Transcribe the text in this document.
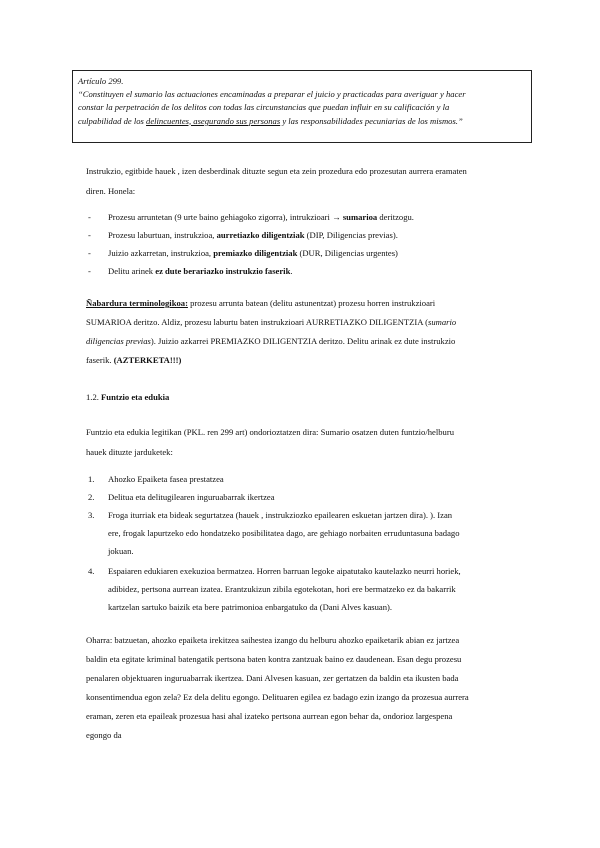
Artículo 299.

“Constituyen el sumario las actuaciones encaminadas a preparar el juicio y practicadas para averiguar y hacer

constar la perpetración de los delitos con todas las circunstancias que puedan influir en su calificación y la

culpabilidad de los delincuentes, asegurando sus personas y las responsabilidades pecuniarias de los mismos.”

Instrukzio, egitbide hauek , izen desberdinak dituzte segun eta zein prozedura edo prozesutan aurrera eramaten
diren. Honela:
- Prozesu arruntetan (9 urte baino gehiagoko zigorra), intrukzioari → sumarioa deritzogu.
- Prozesu laburtuan, instrukzioa, aurretiazko diligentziak (DIP, Diligencias previas).
- Juizio azkarretan, instrukzioa, premiazko diligentziak (DUR, Diligencias urgentes)
- Delitu arinek ez dute berariazko instrukzio faserik.
Ñabardura terminologikoa: prozesu arrunta batean (delitu astunentzat) prozesu horren instrukzioari
SUMARIOA deritzo. Aldiz, prozesu laburtu baten instrukzioari AURRETIAZKO DILIGENTZIA (sumario
diligencias previas). Juizio azkarrei PREMIAZKO DILIGENTZIA deritzo. Delitu arinak ez dute instrukzio
faserik. (AZTERKETA!!!)
1.2. Funtzio eta edukia
Funtzio eta edukia legitikan (PKL. ren 299 art) ondorioztatzen dira: Sumario osatzen duten funtzio/helburu
hauek dituzte jarduketek:
1. Ahozko Epaiketa fasea prestatzea
2. Delitua eta delitugilearen inguruabarrak ikertzea
3. Froga iturriak eta bideak segurtatzea (hauek , instrukziozko epailearen eskuetan jartzen dira). ). Izan
ere, frogak lapurtzeko edo hondatzeko posibilitatea dago, are gehiago norbaiten erruduntasuna badago
jokuan.
4. Espaiaren edukiaren exekuzioa bermatzea. Horren barruan legoke aipatutako kautelazko neurri horiek,
adibidez, pertsona aurrean izatea. Erantzukizun zibila egotekotan, hori ere bermatzeko ez da bakarrik
kartzelan sartuko baizik eta bere patrimonioa enbargatuko da (Dani Alves kasuan).
Oharra: batzuetan, ahozko epaiketa irekitzea saihestea izango du helburu ahozko epaiketarik abian ez jartzea
baldin eta egitate kriminal batengatik pertsona baten kontra zantzuak baino ez daudenean. Esan degu prozesu
penalaren objektuaren inguruabarrak ikertzea. Dani Alvesen kasuan, zer gertatzen da baldin eta ikusten bada
konsentimendua egon zela? Ez dela delitu egongo. Delituaren egilea ez badago ezin izango da prozesua aurrera
eraman, zeren eta epaileak prozesua hasi ahal izateko pertsona aurrean egon behar da, ondorioz largespena
egongo da
